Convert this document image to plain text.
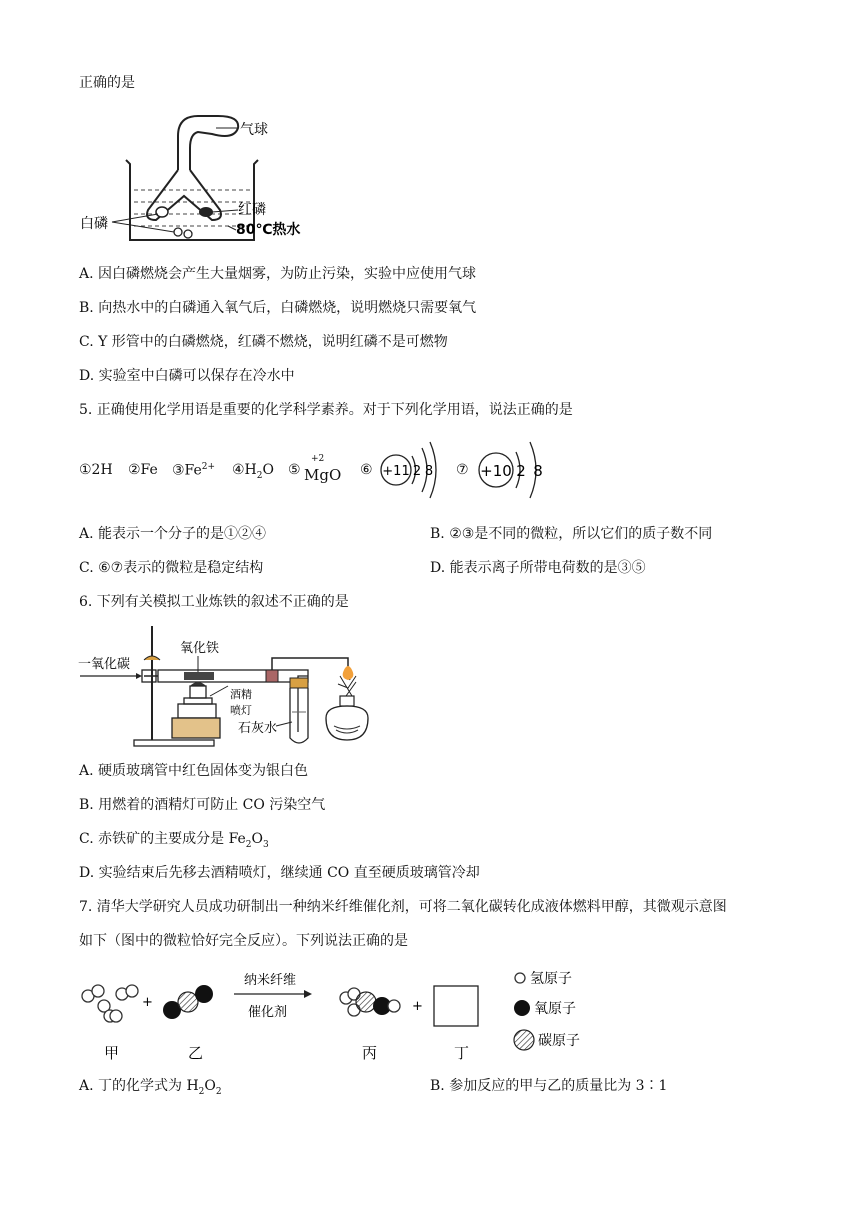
正确的是
气球
白磷
红磷
80℃热水
A. 因白磷燃烧会产生大量烟雾，为防止污染，实验中应使用气球
B. 向热水中的白磷通入氧气后，白磷燃烧，说明燃烧只需要氧气
C. Y 形管中的白磷燃烧，红磷不燃烧，说明红磷不是可燃物
D. 实验室中白磷可以保存在冷水中
5. 正确使用化学用语是重要的化学科学素养。对于下列化学用语，说法正确的是
①2H ②Fe $③Fe^{2+}$ $④H_2O$ ⑤
+2
MgO ⑥ +11 2 8 ⑦ +10 2 8
A. 能表示一个分子的是①②④	B. ②③是不同的微粒，所以它们的质子数不同
C. ⑥⑦表示的微粒是稳定结构	D. 能表示离子所带电荷数的是③⑤
6. 下列有关模拟工业炼铁的叙述不正确的是
一氧化碳
氧化铁
酒精
喷灯
石灰水
A. 硬质玻璃管中红色固体变为银白色
B. 用燃着的酒精灯可防止 CO 污染空气
C. 赤铁矿的主要成分是 $Fe_2O_3$
D. 实验结束后先移去酒精喷灯，继续通 CO 直至硬质玻璃管冷却
7. 清华大学研究人员成功研制出一种纳米纤维催化剂，可将二氧化碳转化成液体燃料甲醇，其微观示意图
如下（图中的微粒恰好完全反应）。下列说法正确的是
+
纳米纤维
催化剂	+
甲	乙	丙	丁
氢原子
氧原子
碳原子
A. 丁的化学式为 $H_2O_2$	B. 参加反应的甲与乙的质量比为 3∶1
